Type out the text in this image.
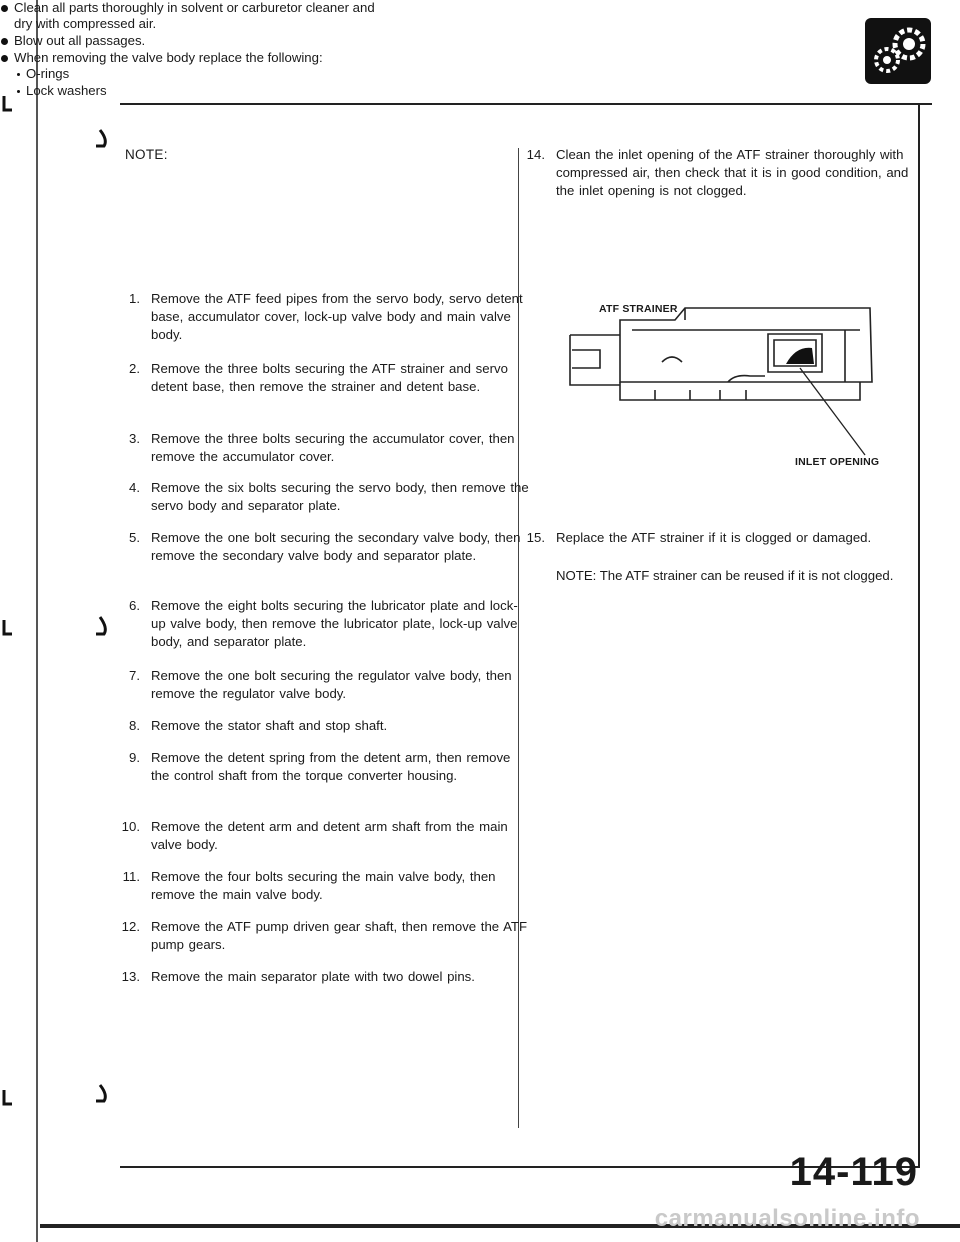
NOTE:
Clean all parts thoroughly in solvent or carburetor cleaner and dry with compressed air.
Blow out all passages.
When removing the valve body replace the following:
O-rings
Lock washers
1. Remove the ATF feed pipes from the servo body, servo detent base, accumulator cover, lock-up valve body and main valve body.
2. Remove the three bolts securing the ATF strainer and servo detent base, then remove the strainer and detent base.
3. Remove the three bolts securing the accumulator cover, then remove the accumulator cover.
4. Remove the six bolts securing the servo body, then remove the servo body and separator plate.
5. Remove the one bolt securing the secondary valve body, then remove the secondary valve body and separator plate.
6. Remove the eight bolts securing the lubricator plate and lock-up valve body, then remove the lubricator plate, lock-up valve body, and separator plate.
7. Remove the one bolt securing the regulator valve body, then remove the regulator valve body.
8. Remove the stator shaft and stop shaft.
9. Remove the detent spring from the detent arm, then remove the control shaft from the torque converter housing.
10. Remove the detent arm and detent arm shaft from the main valve body.
11. Remove the four bolts securing the main valve body, then remove the main valve body.
12. Remove the ATF pump driven gear shaft, then remove the ATF pump gears.
13. Remove the main separator plate with two dowel pins.
14. Clean the inlet opening of the ATF strainer thoroughly with compressed air, then check that it is in good condition, and the inlet opening is not clogged.
ATF STRAINER
INLET OPENING
15. Replace the ATF strainer if it is clogged or damaged.
NOTE: The ATF strainer can be reused if it is not clogged.
14-119
carmanualsonline.info
